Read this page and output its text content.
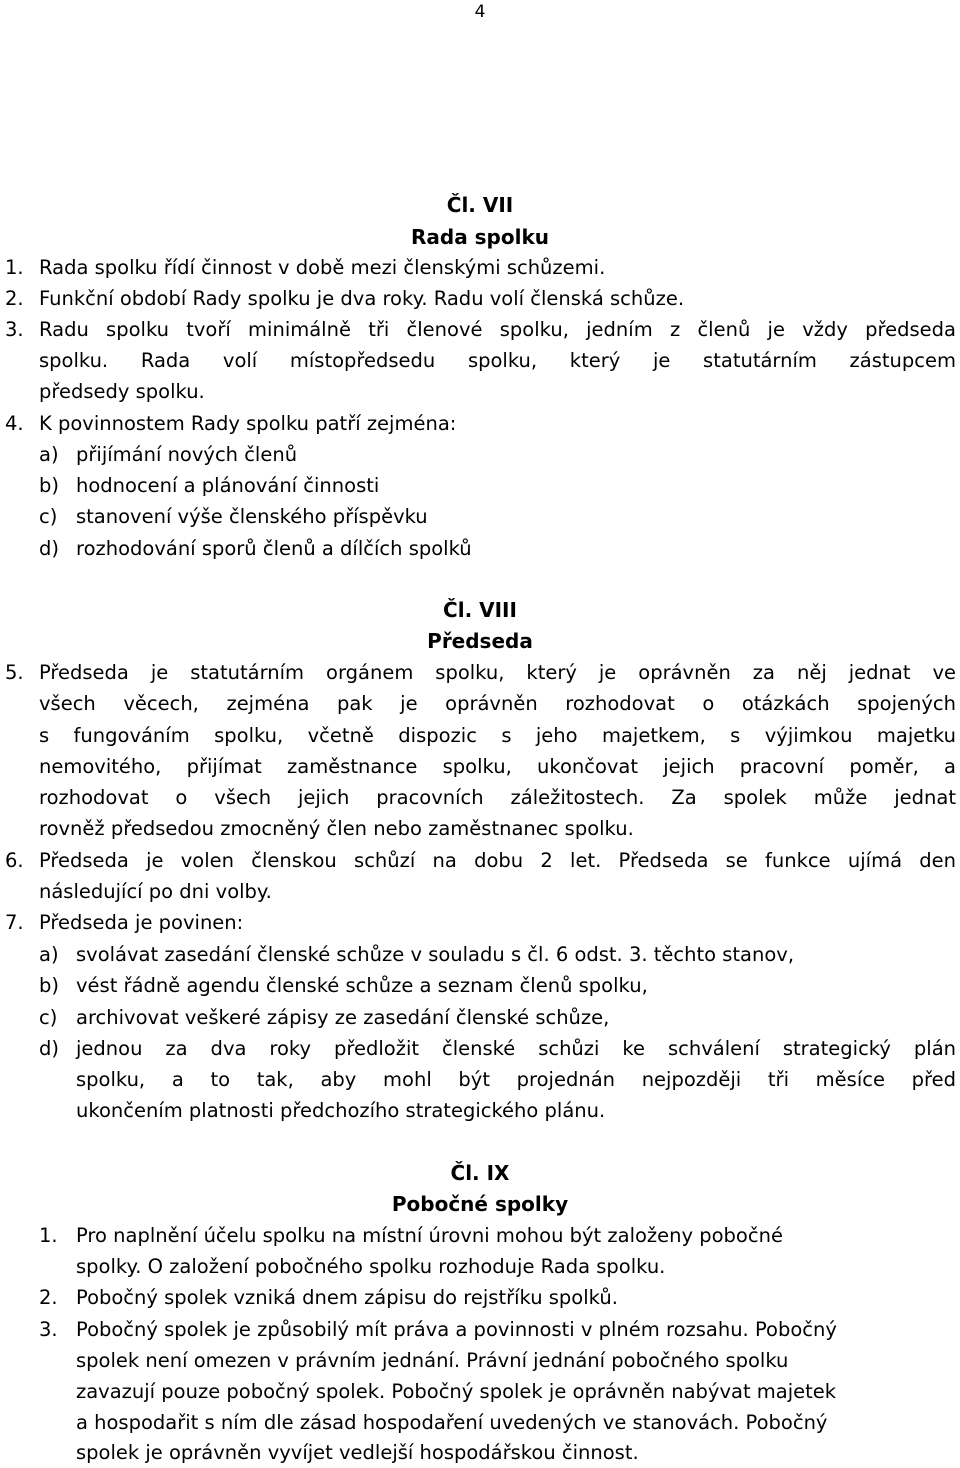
4
Čl. VII
Rada spolku
1. Rada spolku řídí činnost v době mezi členskými schůzemi.
2. Funkční období Rady spolku je dva roky. Radu volí členská schůze.
3. Radu spolku tvoří minimálně tři členové spolku, jedním z členů je vždy předseda
spolku. Rada volí místopředsedu spolku, který je statutárním zástupcem
předsedy spolku.
4. K povinnostem Rady spolku patří zejména:
a) přijímání nových členů
b) hodnocení a plánování činnosti
c) stanovení výše členského příspěvku
d) rozhodování sporů členů a dílčích spolků
Čl. VIII
Předseda
5. Předseda je statutárním orgánem spolku, který je oprávněn za něj jednat ve
všech věcech, zejména pak je oprávněn rozhodovat o otázkách spojených
s fungováním spolku, včetně dispozic s jeho majetkem, s výjimkou majetku
nemovitého, přijímat zaměstnance spolku, ukončovat jejich pracovní poměr, a
rozhodovat o všech jejich pracovních záležitostech. Za spolek může jednat
rovněž předsedou zmocněný člen nebo zaměstnanec spolku.
6. Předseda je volen členskou schůzí na dobu 2 let. Předseda se funkce ujímá den
následující po dni volby.
7. Předseda je povinen:
a) svolávat zasedání členské schůze v souladu s čl. 6 odst. 3. těchto stanov,
b) vést řádně agendu členské schůze a seznam členů spolku,
c) archivovat veškeré zápisy ze zasedání členské schůze,
d) jednou za dva roky předložit členské schůzi ke schválení strategický plán
spolku, a to tak, aby mohl být projednán nejpozději tři měsíce před
ukončením platnosti předchozího strategického plánu.
Čl. IX
Pobočné spolky
1. Pro naplnění účelu spolku na místní úrovni mohou být založeny pobočné
spolky. O založení pobočného spolku rozhoduje Rada spolku.
2. Pobočný spolek vzniká dnem zápisu do rejstříku spolků.
3. Pobočný spolek je způsobilý mít práva a povinnosti v plném rozsahu. Pobočný
spolek není omezen v právním jednání. Právní jednání pobočného spolku
zavazují pouze pobočný spolek. Pobočný spolek je oprávněn nabývat majetek
a hospodařit s ním dle zásad hospodaření uvedených ve stanovách. Pobočný
spolek je oprávněn vyvíjet vedlejší hospodářskou činnost.
